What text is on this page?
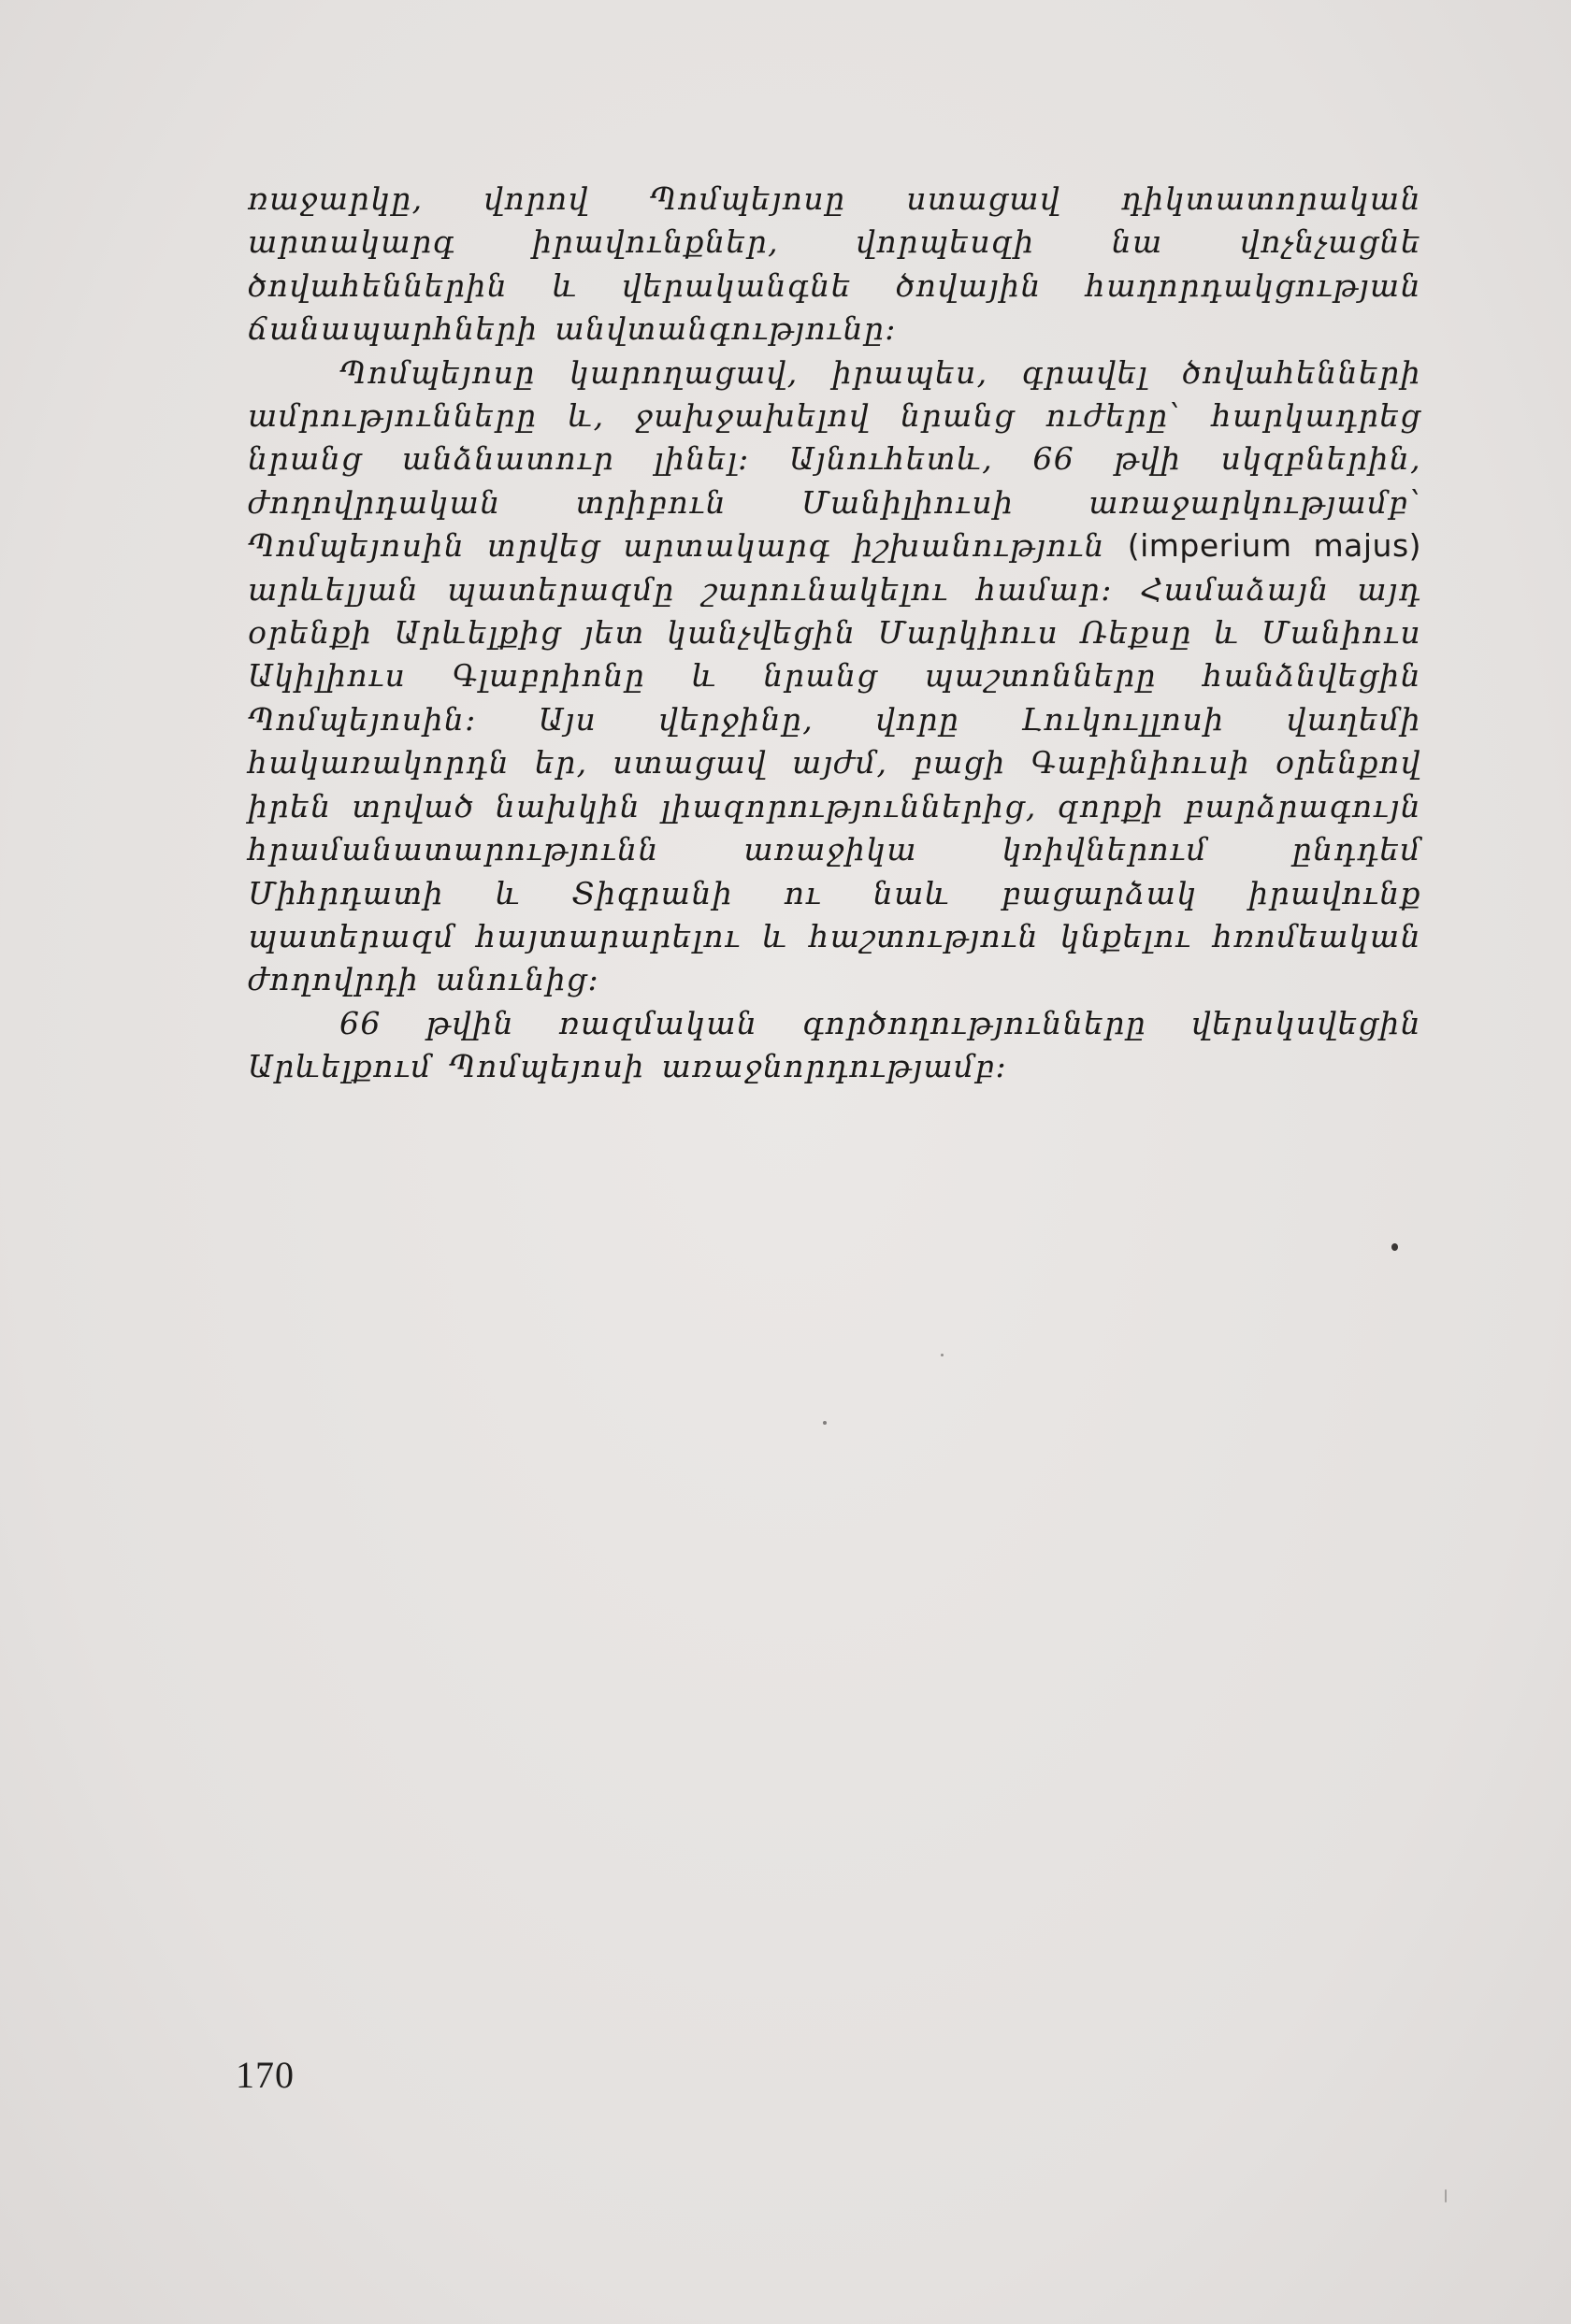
ռաջարկը, վորով Պոմպեյոսը ստացավ դիկտատորական արտակարգ իրավունքներ, վորպեսզի նա վոչնչացնե ծովահեններին և վերականգնե ծովային հաղորդակցության ճանապարհների անվտանգությունը։

Պոմպեյոսը կարողացավ, իրապես, գրավել ծովահենների ամրությունները և, ջախջախելով նրանց ուժերը՝ հարկադրեց նրանց անձնատուր լինել։ Այնուհետև, 66 թվի սկզբներին, ժողովրդական տրիբուն Մանիլիուսի առաջարկությամբ՝ Պոմպեյոսին տրվեց արտակարգ իշխանություն (imperium majus) արևելյան պատերազմը շարունակելու համար։ Համաձայն այդ օրենքի Արևելքից յետ կանչվեցին Մարկիուս Ռեքսը և Մանիուս Ակիլիուս Գլաբրիոնը և նրանց պաշտոնները հանձնվեցին Պոմպեյոսին։ Այս վերջինը, վորը Լուկուլլոսի վաղեմի հակառակորդն եր, ստացավ այժմ, բացի Գաբինիուսի օրենքով իրեն տրված նախկին լիազորություններից, զորքի բարձրագույն հրամանատարությունն առաջիկա կռիվներում ընդդեմ Միհրդատի և Տիգրանի ու նաև բացարձակ իրավունք պատերազմ հայտարարելու և հաշտություն կնքելու հռոմեական ժողովրդի անունից։

66 թվին ռազմական գործողությունները վերսկսվեցին Արևելքում Պոմպեյոսի առաջնորդությամբ։

170
